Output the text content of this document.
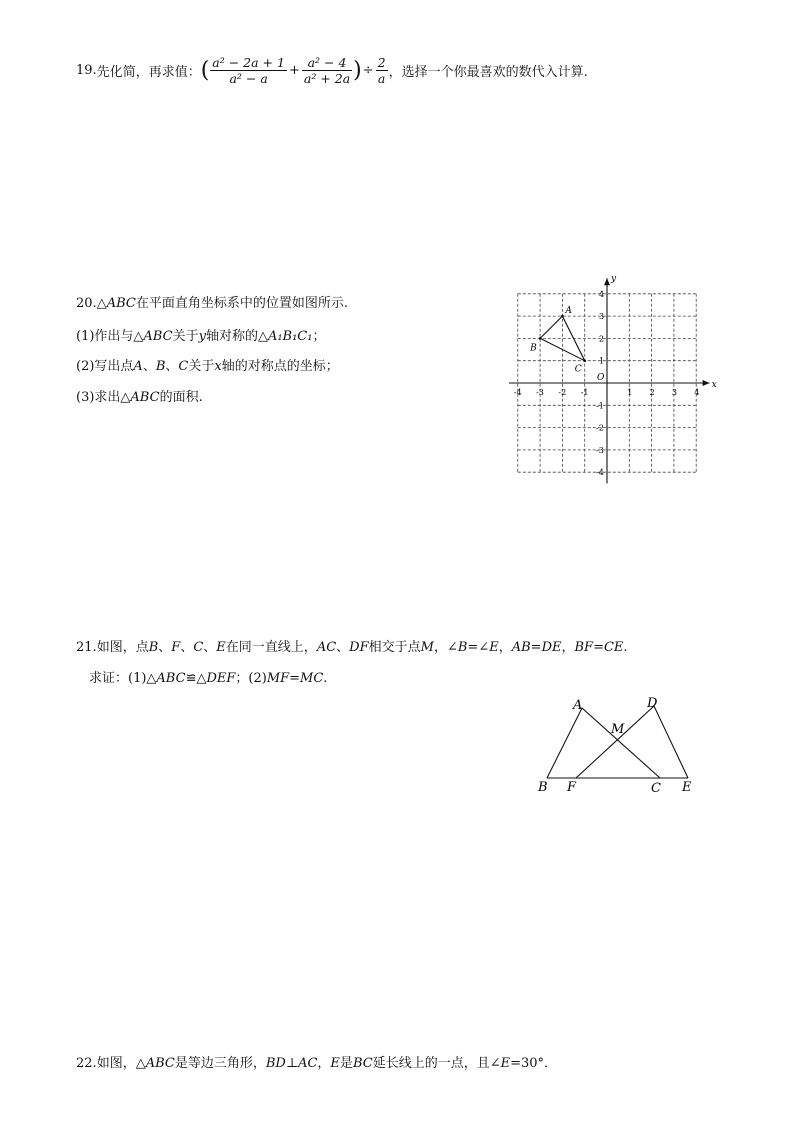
19.先化简，再求值：( $\frac{\text{a² − 2a + 1}}{\text{a² − a}} + \frac{\text{a² − 4}}{\text{a² + 2a}}$ )÷ $\frac{2}{a}$ ，选择一个你最喜欢的数代入计算.
20.△ABC在平面直角坐标系中的位置如图所示.
(1)作出与△ABC关于y轴对称的△A₁B₁C₁；
(2)写出点A、B、C关于x轴的对称点的坐标；
(3)求出△ABC的面积.
x
y
O
-4 -3 -2 -1	1 2 3 4
4
3
2
1
-1
-2
-3
-4
A
B
C
21.如图，点B、F、C、E在同一直线上，AC、DF相交于点M，∠B=∠E，AB=DE，BF=CE.
求证：(1)△ABC≌△DEF；(2)MF=MC.
A	D
M
B F	C E
22.如图，△ABC是等边三角形，BD⊥AC，E是BC延长线上的一点，且∠E=30°．
